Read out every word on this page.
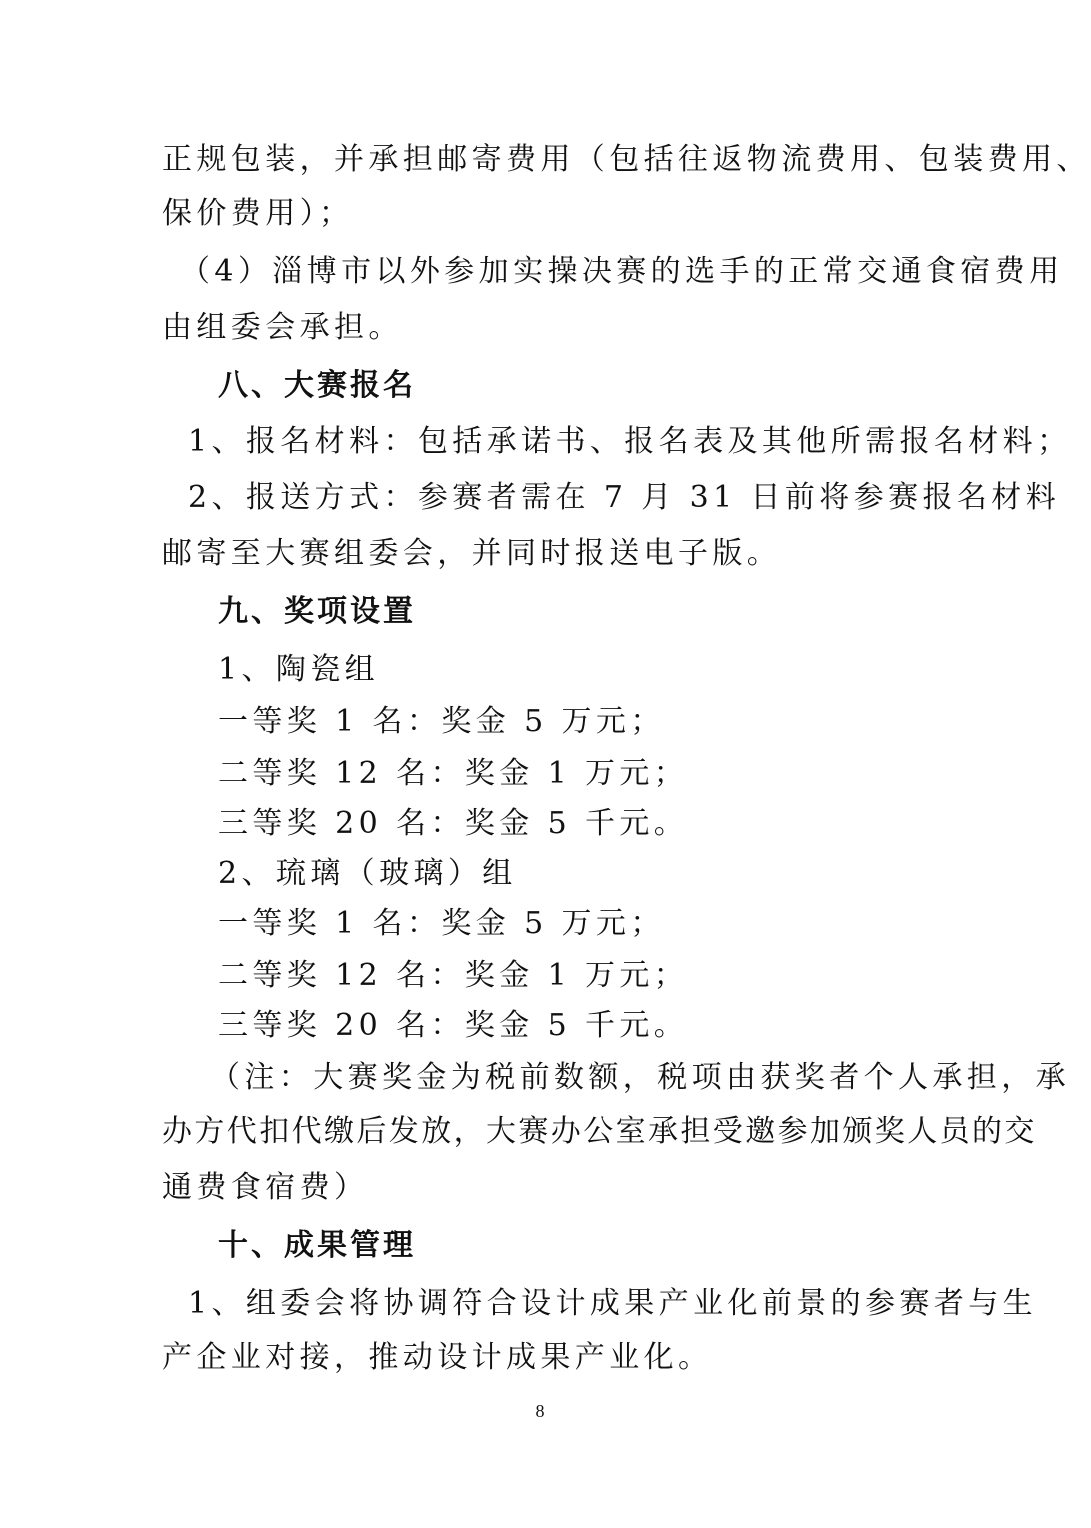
正规包装，并承担邮寄费用（包括往返物流费用、包装费用、
保价费用）；
（4）淄博市以外参加实操决赛的选手的正常交通食宿费用
由组委会承担。
八、大赛报名
1、报名材料：包括承诺书、报名表及其他所需报名材料；
2、报送方式：参赛者需在 7 月 31 日前将参赛报名材料
邮寄至大赛组委会，并同时报送电子版。
九、奖项设置
1、陶瓷组
一等奖 1 名：奖金 5 万元；
二等奖 12 名：奖金 1 万元；
三等奖 20 名：奖金 5 千元。
2、琉璃（玻璃）组
一等奖 1 名：奖金 5 万元；
二等奖 12 名：奖金 1 万元；
三等奖 20 名：奖金 5 千元。
（注：大赛奖金为税前数额，税项由获奖者个人承担，承
办方代扣代缴后发放，大赛办公室承担受邀参加颁奖人员的交
通费食宿费）
十、成果管理
1、组委会将协调符合设计成果产业化前景的参赛者与生
产企业对接，推动设计成果产业化。
8
